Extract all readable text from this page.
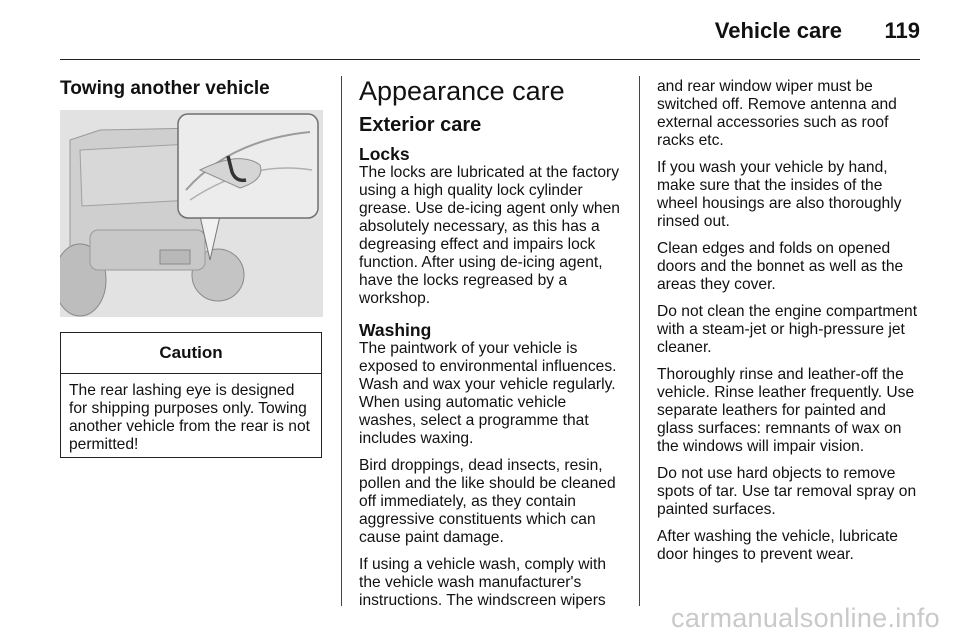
Vehicle care 119
Towing another vehicle
Caution
The rear lashing eye is designed for shipping purposes only. Towing another vehicle from the rear is not permitted!
Appearance care
Exterior care
Locks

The locks are lubricated at the factory using a high quality lock cylinder grease. Use de-icing agent only when absolutely necessary, as this has a degreasing effect and impairs lock function. After using de-icing agent, have the locks regreased by a workshop.

Washing

The paintwork of your vehicle is exposed to environmental influences. Wash and wax your vehicle regularly. When using automatic vehicle washes, select a programme that includes waxing.

Bird droppings, dead insects, resin, pollen and the like should be cleaned off immediately, as they contain aggressive constituents which can cause paint damage.

If using a vehicle wash, comply with the vehicle wash manufacturer's instructions. The windscreen wipers

and rear window wiper must be switched off. Remove antenna and external accessories such as roof racks etc.

If you wash your vehicle by hand, make sure that the insides of the wheel housings are also thoroughly rinsed out.

Clean edges and folds on opened doors and the bonnet as well as the areas they cover.

Do not clean the engine compartment with a steam-jet or high-pressure jet cleaner.

Thoroughly rinse and leather-off the vehicle. Rinse leather frequently. Use separate leathers for painted and glass surfaces: remnants of wax on the windows will impair vision.

Do not use hard objects to remove spots of tar. Use tar removal spray on painted surfaces.

After washing the vehicle, lubricate door hinges to prevent wear.

carmanualsonline.info
